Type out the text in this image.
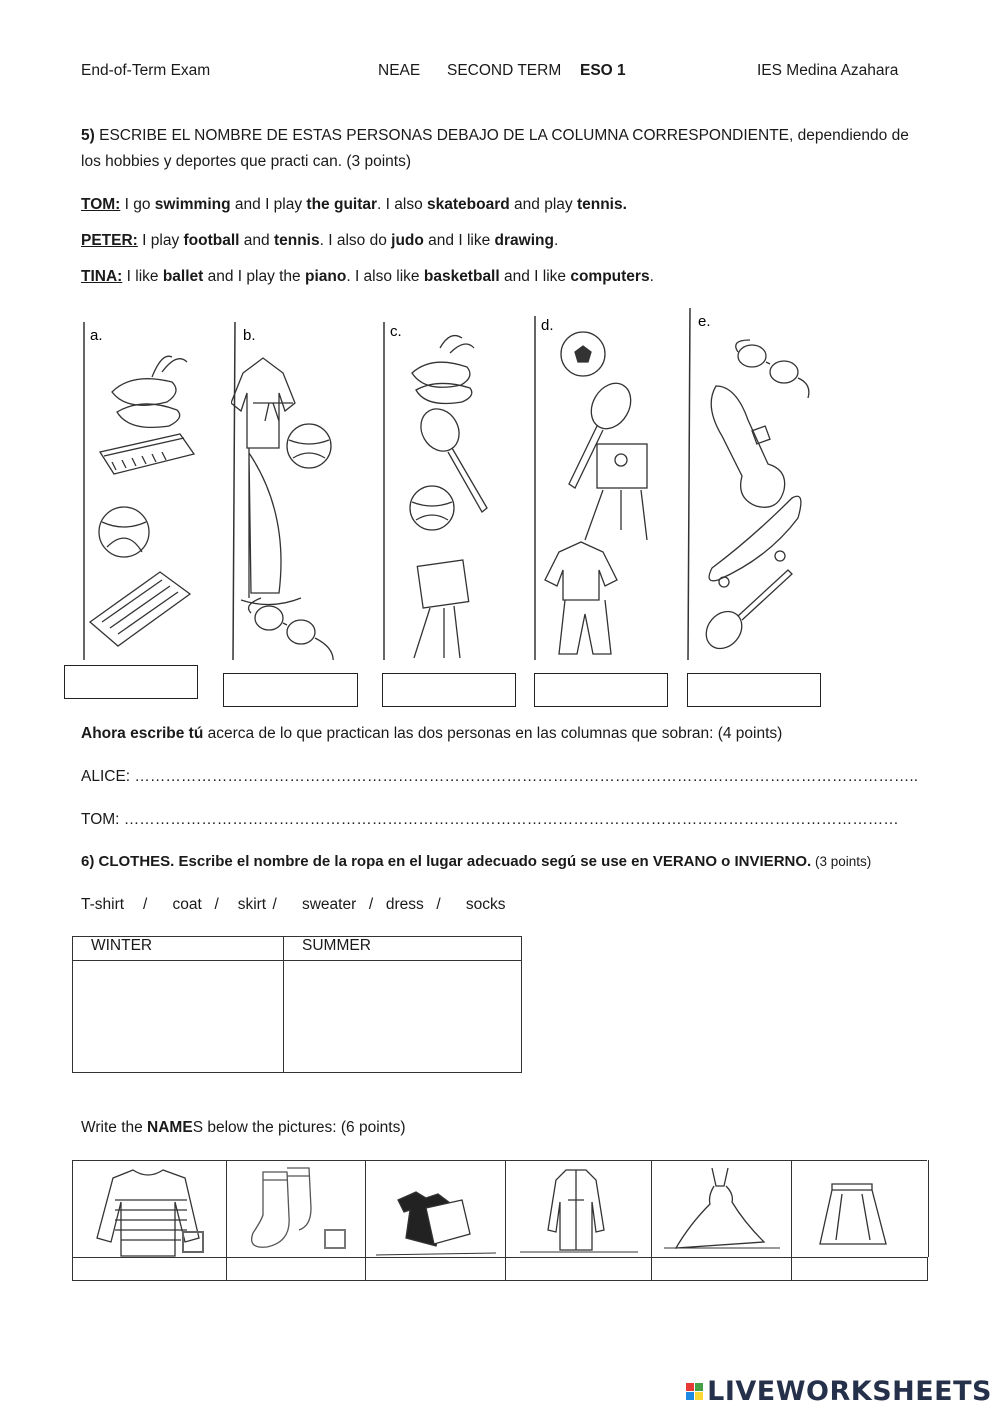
End-of-Term Exam	NEAE SECOND TERM ESO 1	IES Medina Azahara
5) ESCRIBE EL NOMBRE DE ESTAS PERSONAS DEBAJO DE LA COLUMNA CORRESPONDIENTE, dependiendo de
los hobbies y deportes que practi can. (3 points)
TOM: I go swimming and I play the guitar. I also skateboard and play tennis.
PETER: I play football and tennis. I also do judo and I like drawing.
TINA: I like ballet and I play the piano. I also like basketball and I like computers.
a.	b.	c.	d.	e.
Ahora escribe tú acerca de lo que practican las dos personas en las columnas que sobran: (4 points)
ALICE: ……………………………………………………………………………………………………………………………………..
TOM: ……………………………………………………………………………………………………………………………………
6) CLOTHES. Escribe el nombre de la ropa en el lugar adecuado segú se use en VERANO o INVIERNO. (3 points)
T-shirt / coat / skirt / sweater / dress / socks
WINTER	SUMMER

Write the NAMES below the pictures: (6 points)
LIVEWORKSHEETS
